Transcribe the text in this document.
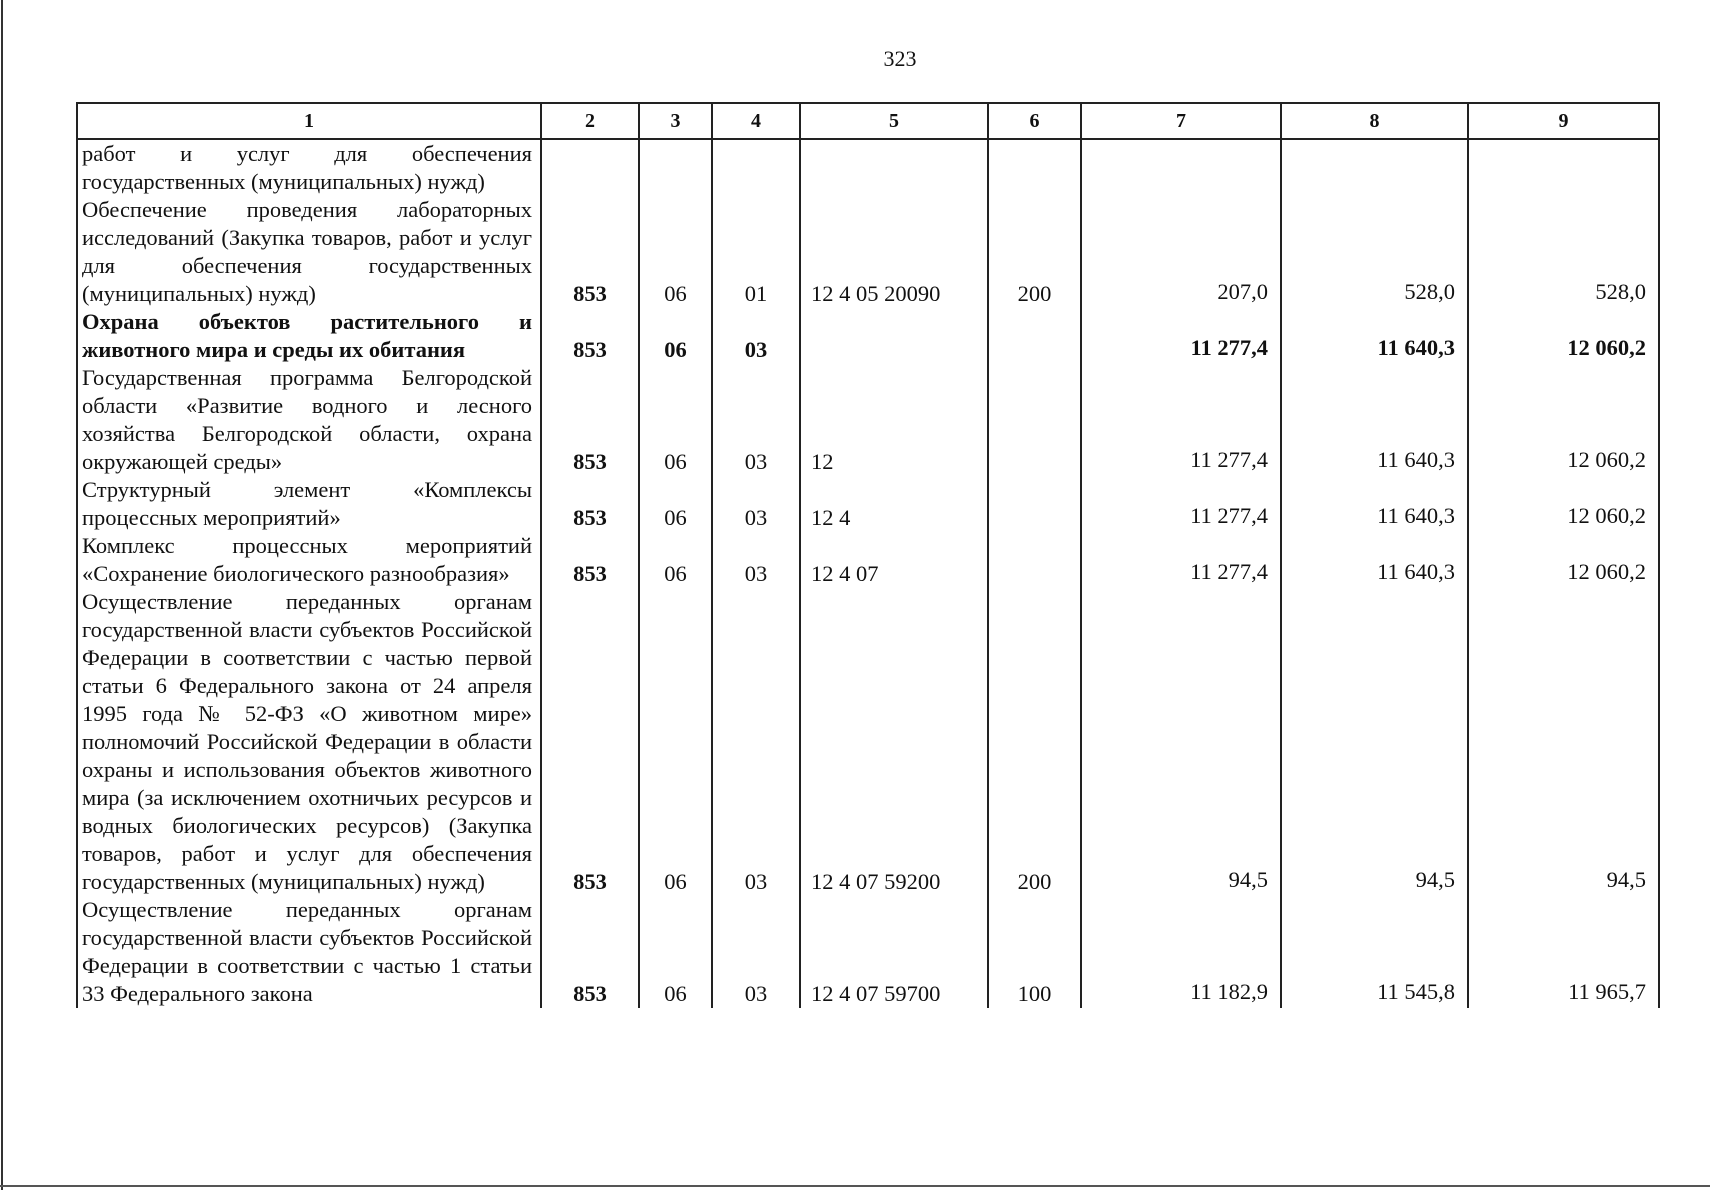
323
1	2	3	4	5	6	7	8	9
работ и услуг для обеспечения государственных (муниципальных) нужд)								
Обеспечение проведения лабораторных исследований (Закупка товаров, работ и услуг для обеспечения государственных (муниципальных) нужд)	853	06	01	12 4 05 20090	200	207,0	528,0	528,0
Охрана объектов растительного и животного мира и среды их обитания	853	06	03			11 277,4	11 640,3	12 060,2
Государственная программа Белгородской области «Развитие водного и лесного хозяйства Белгородской области, охрана окружающей среды»	853	06	03	12		11 277,4	11 640,3	12 060,2
Структурный элемент «Комплексы процессных мероприятий»	853	06	03	12 4		11 277,4	11 640,3	12 060,2
Комплекс процессных мероприятий «Сохранение биологического разнообразия»	853	06	03	12 4 07		11 277,4	11 640,3	12 060,2
Осуществление переданных органам государственной власти субъектов Российской Федерации в соответствии с частью первой статьи 6 Федерального закона от 24 апреля 1995 года № 52-ФЗ «О животном мире» полномочий Российской Федерации в области охраны и использования объектов животного мира (за исключением охотничьих ресурсов и водных биологических ресурсов) (Закупка товаров, работ и услуг для обеспечения государственных (муниципальных) нужд)	853	06	03	12 4 07 59200	200	94,5	94,5	94,5
Осуществление переданных органам государственной власти субъектов Российской Федерации в соответствии с частью 1 статьи 33 Федерального закона	853	06	03	12 4 07 59700	100	11 182,9	11 545,8	11 965,7
